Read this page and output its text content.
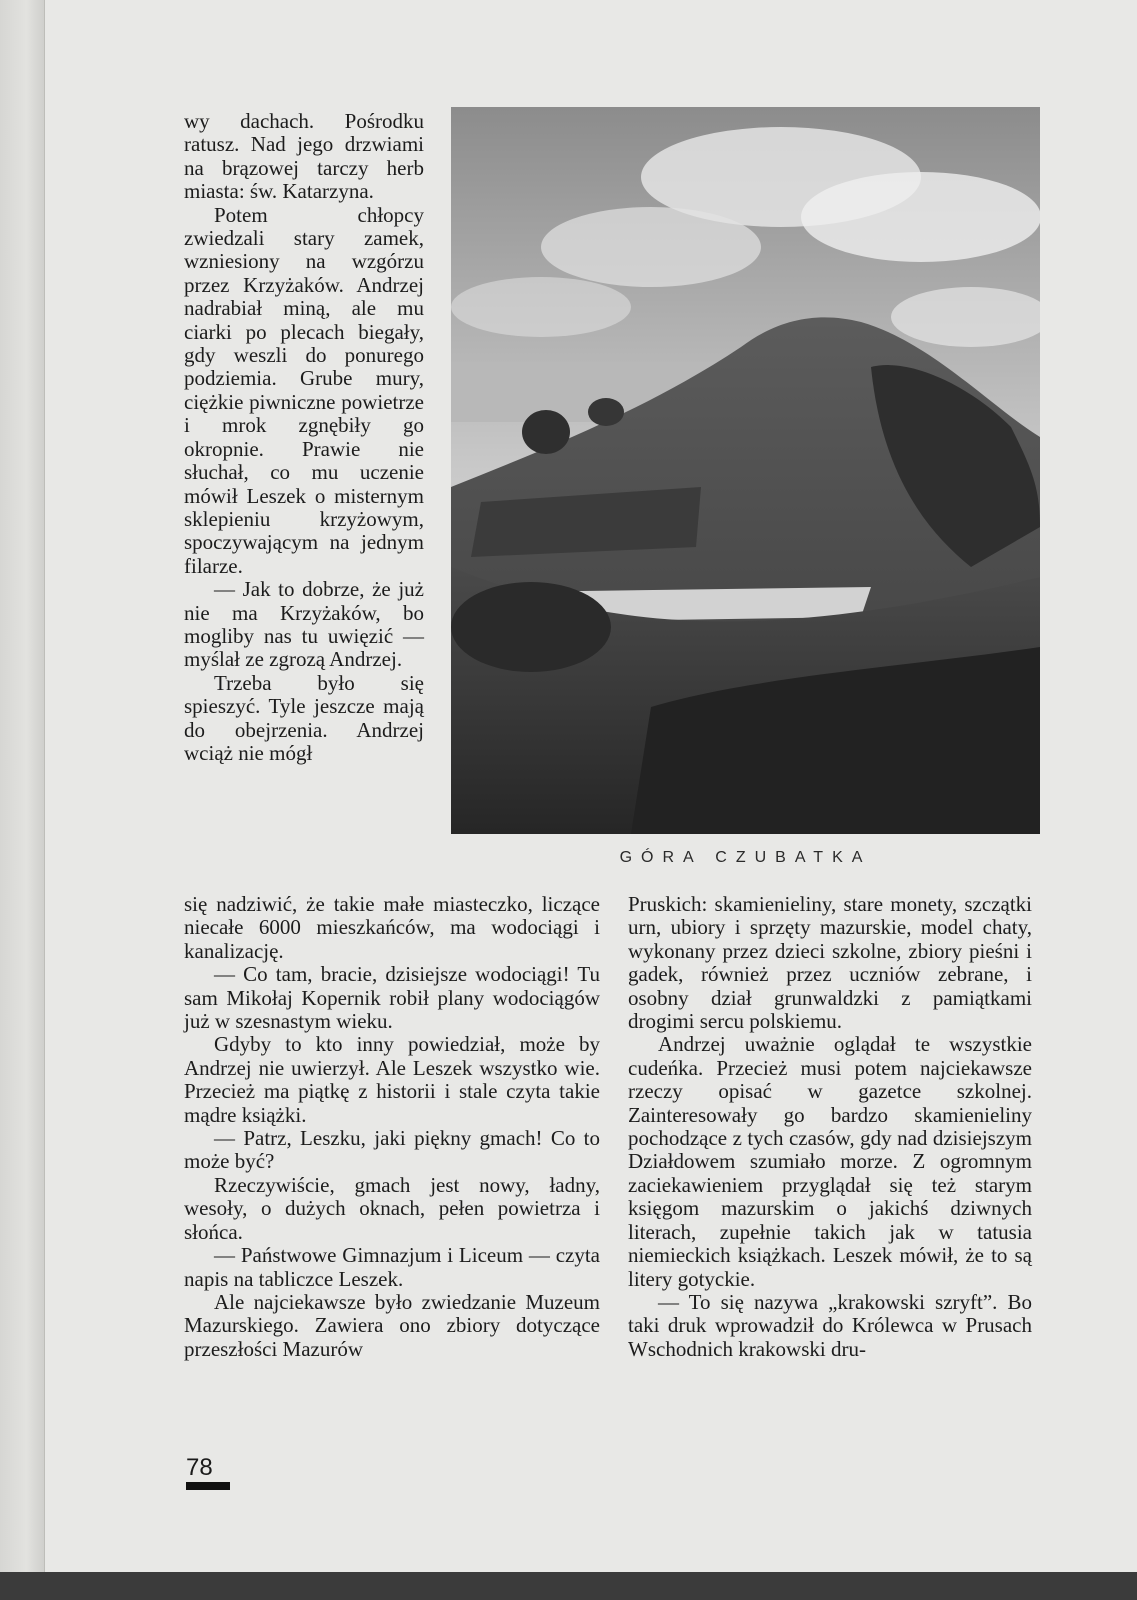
wy dachach. Pośrodku ratusz. Nad jego drzwiami na brązowej tarczy herb miasta: św. Katarzyna.

Potem chłopcy zwiedzali stary zamek, wzniesiony na wzgórzu przez Krzyżaków. Andrzej nadrabiał miną, ale mu ciarki po plecach biegały, gdy weszli do ponurego podziemia. Grube mury, ciężkie piwniczne powietrze i mrok zgnębiły go okropnie. Prawie nie słuchał, co mu uczenie mówił Leszek o misternym sklepieniu krzyżowym, spoczywającym na jednym filarze.

— Jak to dobrze, że już nie ma Krzyżaków, bo mogliby nas tu uwięzić — myślał ze zgrozą Andrzej.

Trzeba było się spieszyć. Tyle jeszcze mają do obejrzenia. Andrzej wciąż nie mógł

GÓRA CZUBATKA

się nadziwić, że takie małe miasteczko, liczące niecałe 6000 mieszkańców, ma wodociągi i kanalizację.

— Co tam, bracie, dzisiejsze wodociągi! Tu sam Mikołaj Kopernik robił plany wodociągów już w szesnastym wieku.

Gdyby to kto inny powiedział, może by Andrzej nie uwierzył. Ale Leszek wszystko wie. Przecież ma piątkę z historii i stale czyta takie mądre książki.

— Patrz, Leszku, jaki piękny gmach! Co to może być?

Rzeczywiście, gmach jest nowy, ładny, wesoły, o dużych oknach, pełen powietrza i słońca.

— Państwowe Gimnazjum i Liceum — czyta napis na tabliczce Leszek.

Ale najciekawsze było zwiedzanie Muzeum Mazurskiego. Zawiera ono zbiory dotyczące przeszłości Mazurów

Pruskich: skamienieliny, stare monety, szczątki urn, ubiory i sprzęty mazurskie, model chaty, wykonany przez dzieci szkolne, zbiory pieśni i gadek, również przez uczniów zebrane, i osobny dział grunwaldzki z pamiątkami drogimi sercu polskiemu.

Andrzej uważnie oglądał te wszystkie cudeńka. Przecież musi potem najciekawsze rzeczy opisać w gazetce szkolnej. Zainteresowały go bardzo skamienieliny pochodzące z tych czasów, gdy nad dzisiejszym Działdowem szumiało morze. Z ogromnym zaciekawieniem przyglądał się też starym księgom mazurskim o jakichś dziwnych literach, zupełnie takich jak w tatusia niemieckich książkach. Leszek mówił, że to są litery gotyckie.

— To się nazywa „krakowski szryft”. Bo taki druk wprowadził do Królewca w Prusach Wschodnich krakowski dru-

78
